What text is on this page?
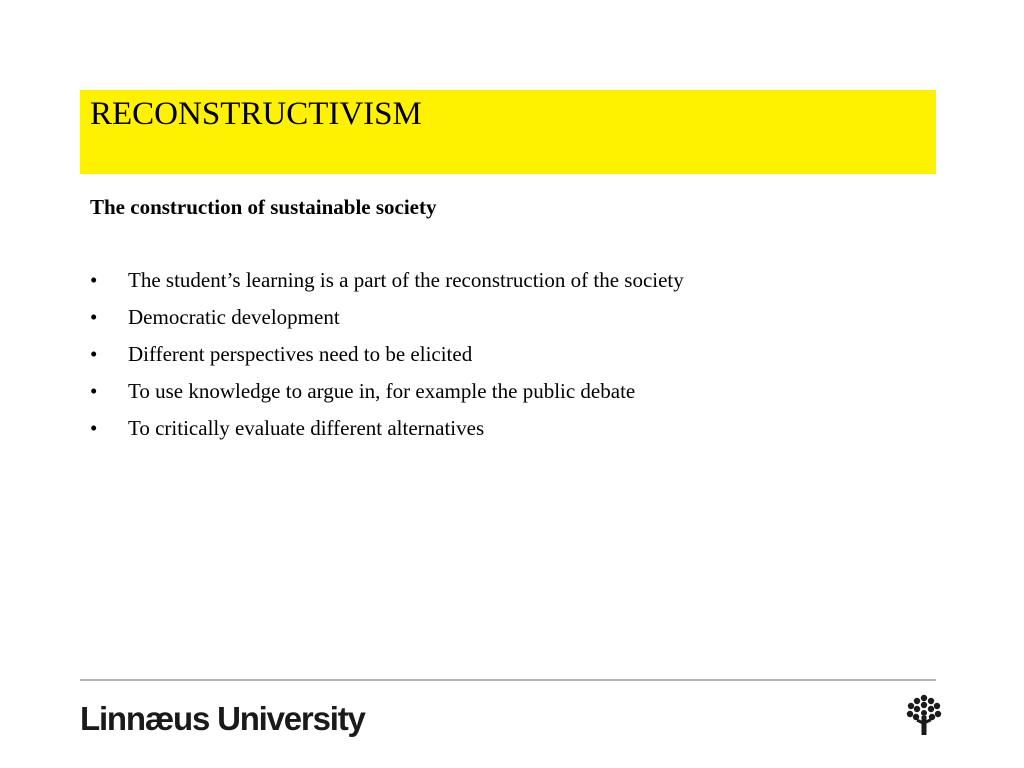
RECONSTRUCTIVISM

The construction of sustainable society

• The student’s learning is a part of the reconstruction of the society
• Democratic development
• Different perspectives need to be elicited
• To use knowledge to argue in, for example the public debate
• To critically evaluate different alternatives
Linnæus University
